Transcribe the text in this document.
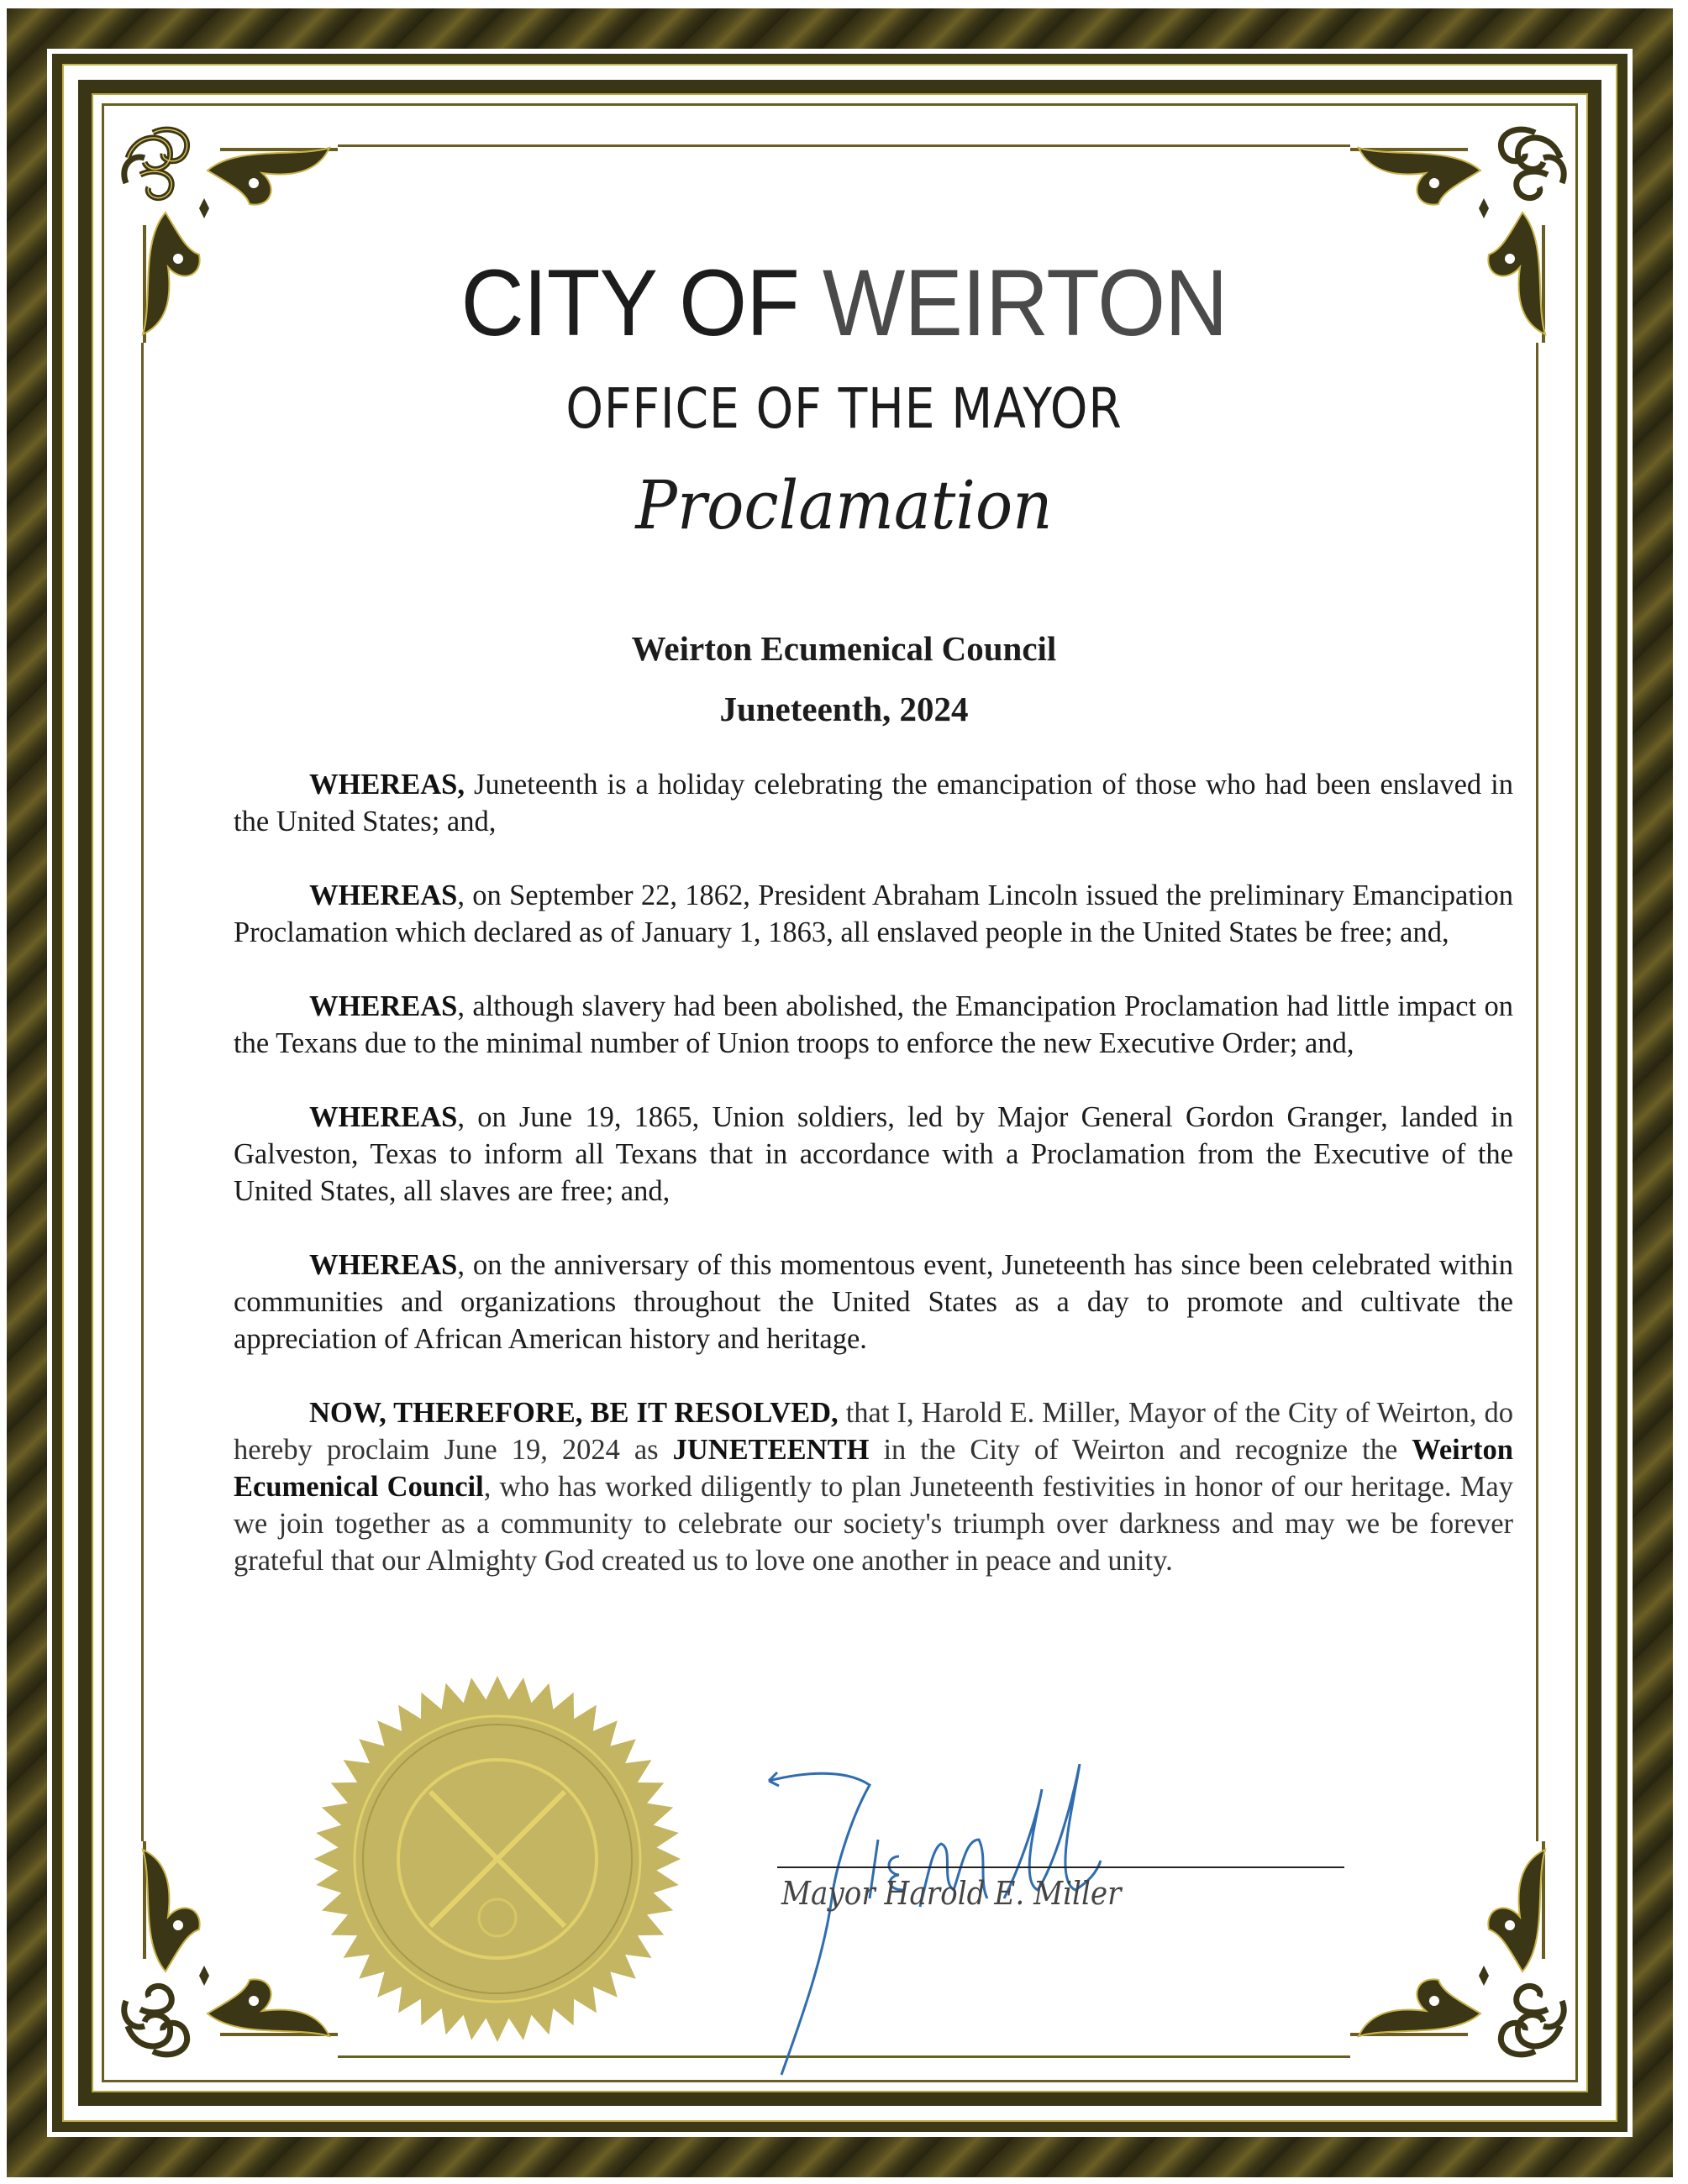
CITY OF WEIRTON
OFFICE OF THE MAYOR
Proclamation
Weirton Ecumenical Council
Juneteenth, 2024

WHEREAS, Juneteenth is a holiday celebrating the emancipation of those who had been enslaved in the United States; and,

WHEREAS, on September 22, 1862, President Abraham Lincoln issued the preliminary Emancipation Proclamation which declared as of January 1, 1863, all enslaved people in the United States be free; and,

WHEREAS, although slavery had been abolished, the Emancipation Proclamation had little impact on the Texans due to the minimal number of Union troops to enforce the new Executive Order; and,

WHEREAS, on June 19, 1865, Union soldiers, led by Major General Gordon Granger, landed in Galveston, Texas to inform all Texans that in accordance with a Proclamation from the Executive of the United States, all slaves are free; and,

WHEREAS, on the anniversary of this momentous event, Juneteenth has since been celebrated within communities and organizations throughout the United States as a day to promote and cultivate the appreciation of African American history and heritage.

NOW, THEREFORE, BE IT RESOLVED, that I, Harold E. Miller, Mayor of the City of Weirton, do hereby proclaim June 19, 2024 as JUNETEENTH in the City of Weirton and recognize the Weirton Ecumenical Council, who has worked diligently to plan Juneteenth festivities in honor of our heritage. May we join together as a community to celebrate our society's triumph over darkness and may we be forever grateful that our Almighty God created us to love one another in peace and unity.

Mayor Harold E. Miller
